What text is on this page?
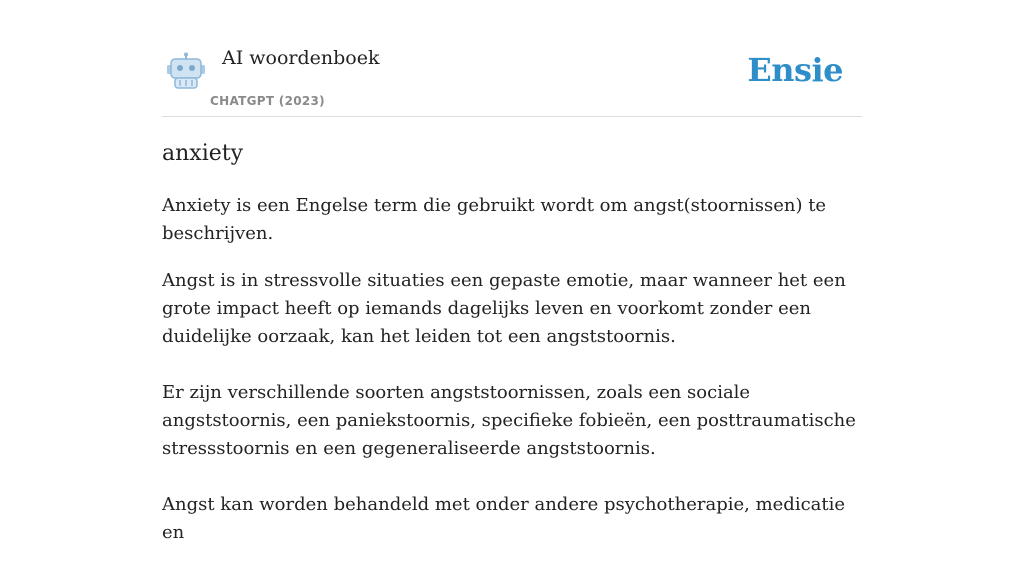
AI woordenboek
CHATGPT (2023)
Ensie
anxiety

Anxiety is een Engelse term die gebruikt wordt om angst(stoornissen) te beschrijven.

Angst is in stressvolle situaties een gepaste emotie, maar wanneer het een grote impact heeft op iemands dagelijks leven en voorkomt zonder een duidelijke oorzaak, kan het leiden tot een angststoornis.

Er zijn verschillende soorten angststoornissen, zoals een sociale angststoornis, een paniekstoornis, specifieke fobieën, een posttraumatische stressstoornis en een gegeneraliseerde angststoornis.

Angst kan worden behandeld met onder andere psychotherapie, medicatie en
